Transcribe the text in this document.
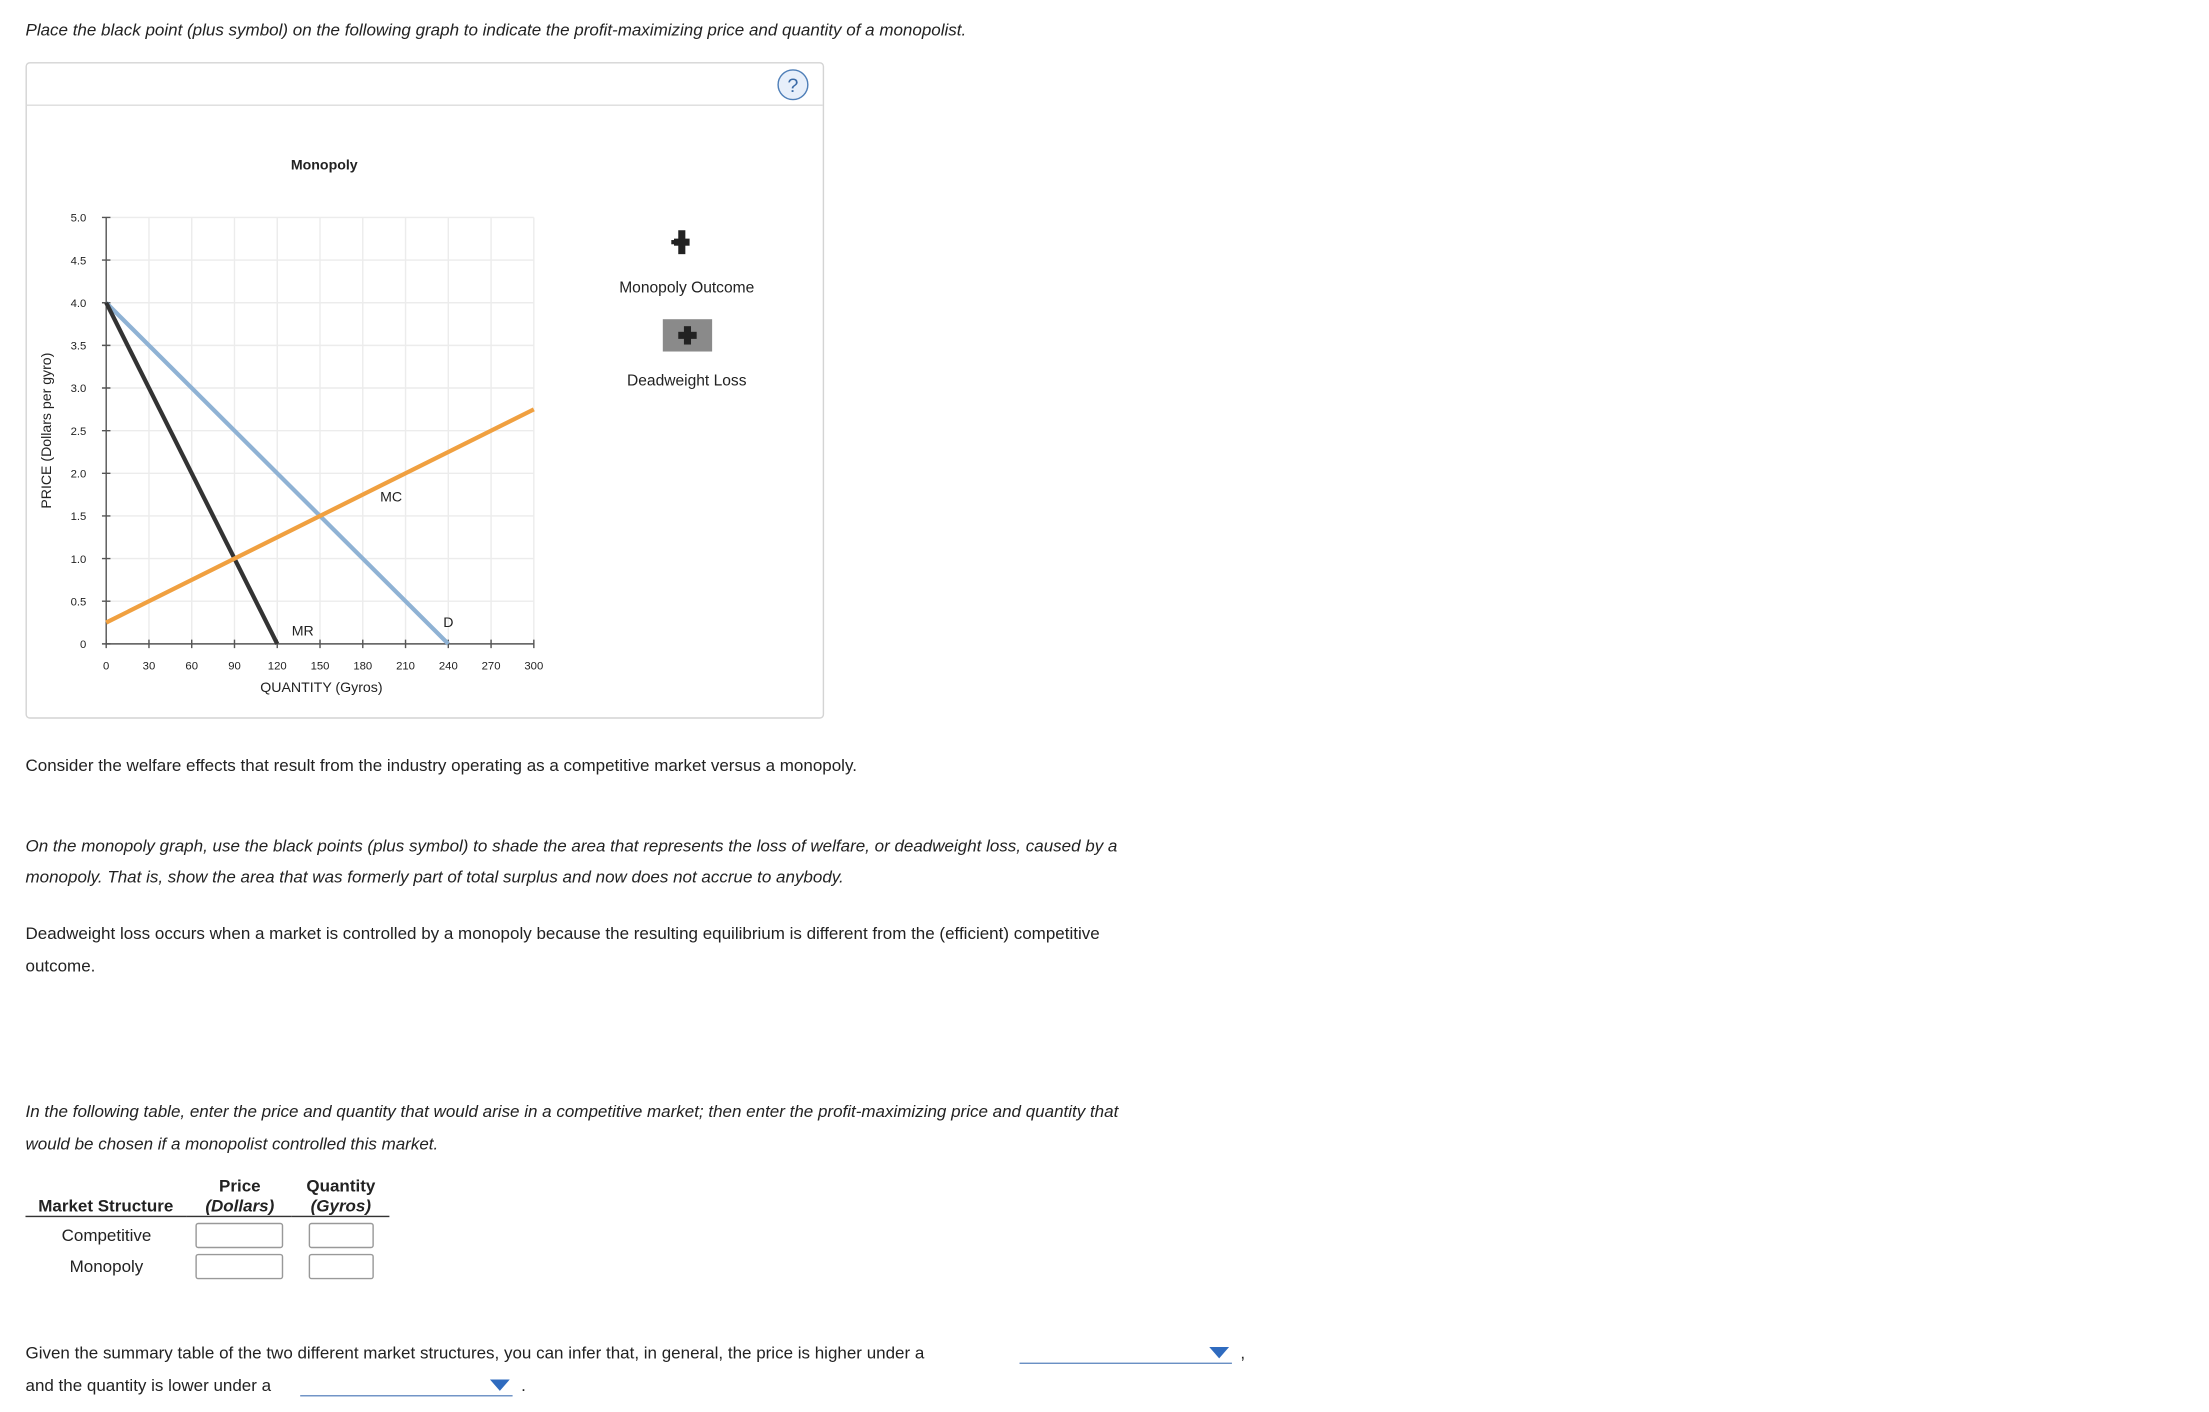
Place the black point (plus symbol) on the following graph to indicate the profit-maximizing price and quantity of a monopolist.
?
0	30	60	90	120	150	180	210	240	270	300
0
0.5
1.0
1.5
2.0
2.5
3.0
3.5
4.0
4.5
5.0
Monopoly
QUANTITY (Gyros)
PRICE (Dollars per gyro)
D
MR
MC
Monopoly Outcome
Deadweight Loss
Consider the welfare effects that result from the industry operating as a competitive market versus a monopoly.
On the monopoly graph, use the black points (plus symbol) to shade the area that represents the loss of welfare, or deadweight loss, caused by a
monopoly. That is, show the area that was formerly part of total surplus and now does not accrue to anybody.
Deadweight loss occurs when a market is controlled by a monopoly because the resulting equilibrium is different from the (efficient) competitive
outcome.
In the following table, enter the price and quantity that would arise in a competitive market; then enter the profit-maximizing price and quantity that
would be chosen if a monopolist controlled this market.
	Price	Quantity
Market Structure	(Dollars)	(Gyros)
Competitive		
Monopoly		
Given the summary table of the two different market structures, you can infer that, in general, the price is higher under a	,
and the quantity is lower under a	.
